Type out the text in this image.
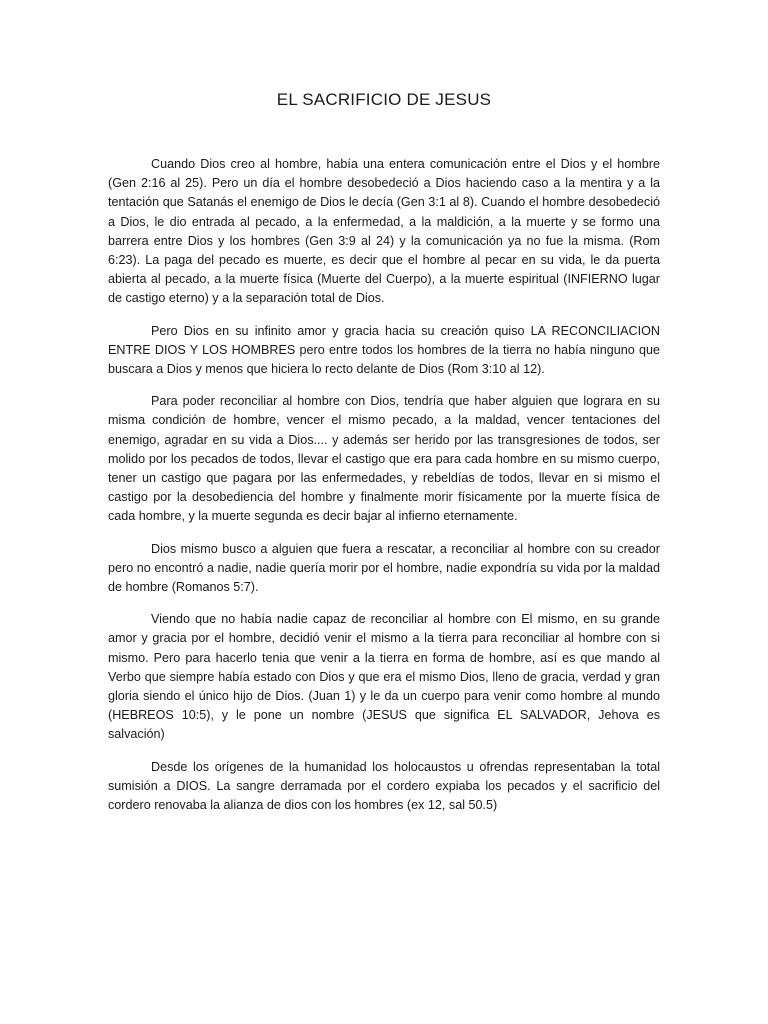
EL SACRIFICIO DE JESUS

Cuando Dios creo al hombre, había una entera comunicación entre el Dios y el hombre (Gen 2:16 al 25). Pero un día el hombre desobedeció a Dios haciendo caso a la mentira y a la tentación que Satanás el enemigo de Dios le decía (Gen 3:1 al 8). Cuando el hombre desobedeció a Dios, le dio entrada al pecado, a la enfermedad, a la maldición, a la muerte y se formo una barrera entre Dios y los hombres (Gen 3:9 al 24) y la comunicación ya no fue la misma. (Rom 6:23). La paga del pecado es muerte, es decir que el hombre al pecar en su vida, le da puerta abierta al pecado, a la muerte física (Muerte del Cuerpo), a la muerte espiritual (INFIERNO lugar de castigo eterno) y a la separación total de Dios.

Pero Dios en su infinito amor y gracia hacia su creación quiso LA RECONCILIACION ENTRE DIOS Y LOS HOMBRES pero entre todos los hombres de la tierra no había ninguno que buscara a Dios y menos que hiciera lo recto delante de Dios (Rom 3:10 al 12).

Para poder reconciliar al hombre con Dios, tendría que haber alguien que lograra en su misma condición de hombre, vencer el mismo pecado, a la maldad, vencer tentaciones del enemigo, agradar en su vida a Dios.... y además ser herido por las transgresiones de todos, ser molido por los pecados de todos, llevar el castigo que era para cada hombre en su mismo cuerpo, tener un castigo que pagara por las enfermedades, y rebeldías de todos, llevar en si mismo el castigo por la desobediencia del hombre y finalmente morir físicamente por la muerte física de cada hombre, y la muerte segunda es decir bajar al infierno eternamente.

Dios mismo busco a alguien que fuera a rescatar, a reconciliar al hombre con su creador pero no encontró a nadie, nadie quería morir por el hombre, nadie expondría su vida por la maldad de hombre (Romanos 5:7).

Viendo que no había nadie capaz de reconciliar al hombre con El mismo, en su grande amor y gracia por el hombre, decidió venir el mismo a la tierra para reconciliar al hombre con si mismo. Pero para hacerlo tenia que venir a la tierra en forma de hombre, así es que mando al Verbo que siempre había estado con Dios y que era el mismo Dios, lleno de gracia, verdad y gran gloria siendo el único hijo de Dios. (Juan 1) y le da un cuerpo para venir como hombre al mundo (HEBREOS 10:5), y le pone un nombre (JESUS que significa EL SALVADOR, Jehova es salvación)

Desde los orígenes de la humanidad los holocaustos u ofrendas representaban la total sumisión a DIOS. La sangre derramada por el cordero expiaba los pecados y el sacrificio del cordero renovaba la alianza de dios con los hombres (ex 12, sal 50.5)
